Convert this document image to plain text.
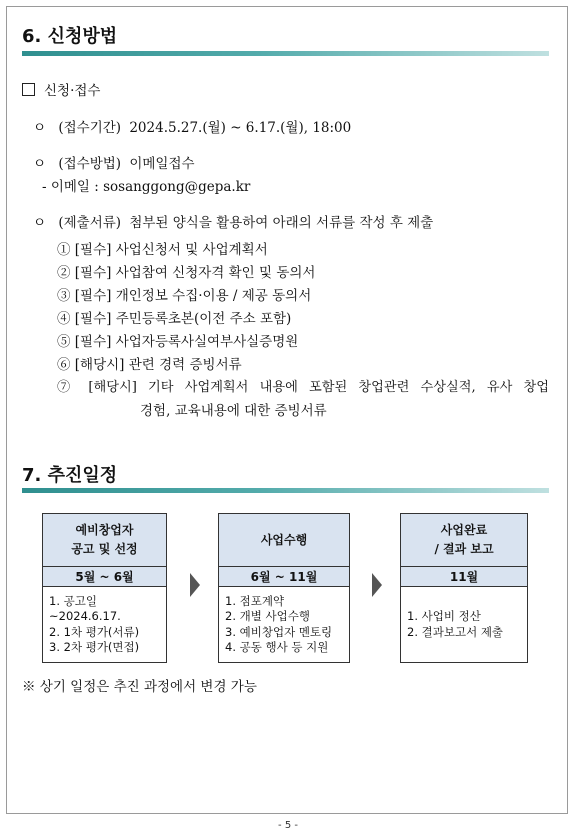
6. 신청방법
신청·접수
ㅇ (접수기간) 2024.5.27.(월) ~ 6.17.(월), 18:00
ㅇ (접수방법) 이메일접수
- 이메일 : sosanggong@gepa.kr
ㅇ (제출서류) 첨부된 양식을 활용하여 아래의 서류를 작성 후 제출
① [필수] 사업신청서 및 사업계획서
② [필수] 사업참여 신청자격 확인 및 동의서
③ [필수] 개인정보 수집·이용 / 제공 동의서
④ [필수] 주민등록초본(이전 주소 포함)
⑤ [필수] 사업자등록사실여부사실증명원
⑥ [해당시] 관련 경력 증빙서류
⑦ [해당시] 기타 사업계획서 내용에 포함된 창업관련 수상실적, 유사 창업
경험, 교육내용에 대한 증빙서류
7. 추진일정
예비창업자
공고 및 선정
5월 ~ 6월
1. 공고일~2024.6.17.
2. 1차 평가(서류)
3. 2차 평가(면접)
사업수행
6월 ~ 11월
1. 점포계약
2. 개별 사업수행
3. 예비창업자 멘토링
4. 공동 행사 등 지원
사업완료
/ 결과 보고
11월
1. 사업비 정산
2. 결과보고서 제출
※ 상기 일정은 추진 과정에서 변경 가능
- 5 -
